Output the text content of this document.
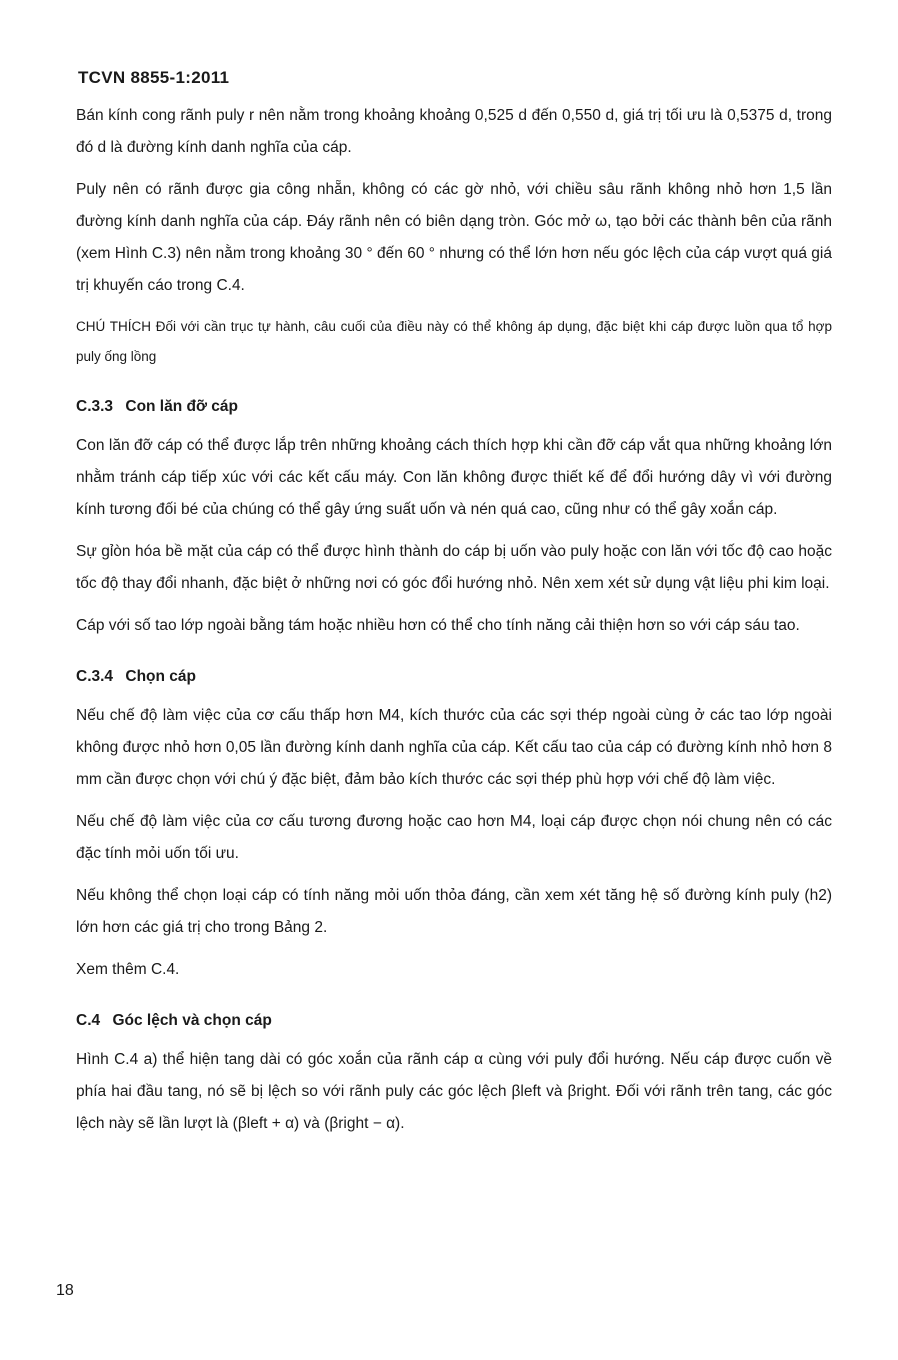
TCVN 8855-1:2011

Bán kính cong rãnh puly r nên nằm trong khoảng khoảng 0,525 d đến 0,550 d, giá trị tối ưu là 0,5375 d, trong đó d là đường kính danh nghĩa của cáp.

Puly nên có rãnh được gia công nhẵn, không có các gờ nhỏ, với chiều sâu rãnh không nhỏ hơn 1,5 lần đường kính danh nghĩa của cáp. Đáy rãnh nên có biên dạng tròn. Góc mở ω, tạo bởi các thành bên của rãnh (xem Hình C.3) nên nằm trong khoảng 30 ° đến 60 ° nhưng có thể lớn hơn nếu góc lệch của cáp vượt quá giá trị khuyến cáo trong C.4.

CHÚ THÍCH Đối với cần trục tự hành, câu cuối của điều này có thể không áp dụng, đặc biệt khi cáp được luồn qua tổ hợp puly ống lồng

C.3.3 Con lăn đỡ cáp

Con lăn đỡ cáp có thể được lắp trên những khoảng cách thích hợp khi cần đỡ cáp vắt qua những khoảng lớn nhằm tránh cáp tiếp xúc với các kết cấu máy. Con lăn không được thiết kế để đổi hướng dây vì với đường kính tương đối bé của chúng có thể gây ứng suất uốn và nén quá cao, cũng như có thể gây xoắn cáp.

Sự gỉòn hóa bề mặt của cáp có thể được hình thành do cáp bị uốn vào puly hoặc con lăn với tốc độ cao hoặc tốc độ thay đổi nhanh, đặc biệt ở những nơi có góc đổi hướng nhỏ. Nên xem xét sử dụng vật liệu phi kim loại.

Cáp với số tao lớp ngoài bằng tám hoặc nhiều hơn có thể cho tính năng cải thiện hơn so với cáp sáu tao.

C.3.4 Chọn cáp

Nếu chế độ làm việc của cơ cấu thấp hơn M4, kích thước của các sợi thép ngoài cùng ở các tao lớp ngoài không được nhỏ hơn 0,05 lần đường kính danh nghĩa của cáp. Kết cấu tao của cáp có đường kính nhỏ hơn 8 mm cần được chọn với chú ý đặc biệt, đảm bảo kích thước các sợi thép phù hợp với chế độ làm việc.

Nếu chế độ làm việc của cơ cấu tương đương hoặc cao hơn M4, loại cáp được chọn nói chung nên có các đặc tính mỏi uốn tối ưu.

Nếu không thể chọn loại cáp có tính năng mỏi uốn thỏa đáng, cần xem xét tăng hệ số đường kính puly (h2) lớn hơn các giá trị cho trong Bảng 2.

Xem thêm C.4.

C.4 Góc lệch và chọn cáp

Hình C.4 a) thể hiện tang dài có góc xoắn của rãnh cáp α cùng với puly đổi hướng. Nếu cáp được cuốn về phía hai đầu tang, nó sẽ bị lệch so với rãnh puly các góc lệch βleft và βright. Đối với rãnh trên tang, các góc lệch này sẽ lần lượt là (βleft + α) và (βright − α).

18
